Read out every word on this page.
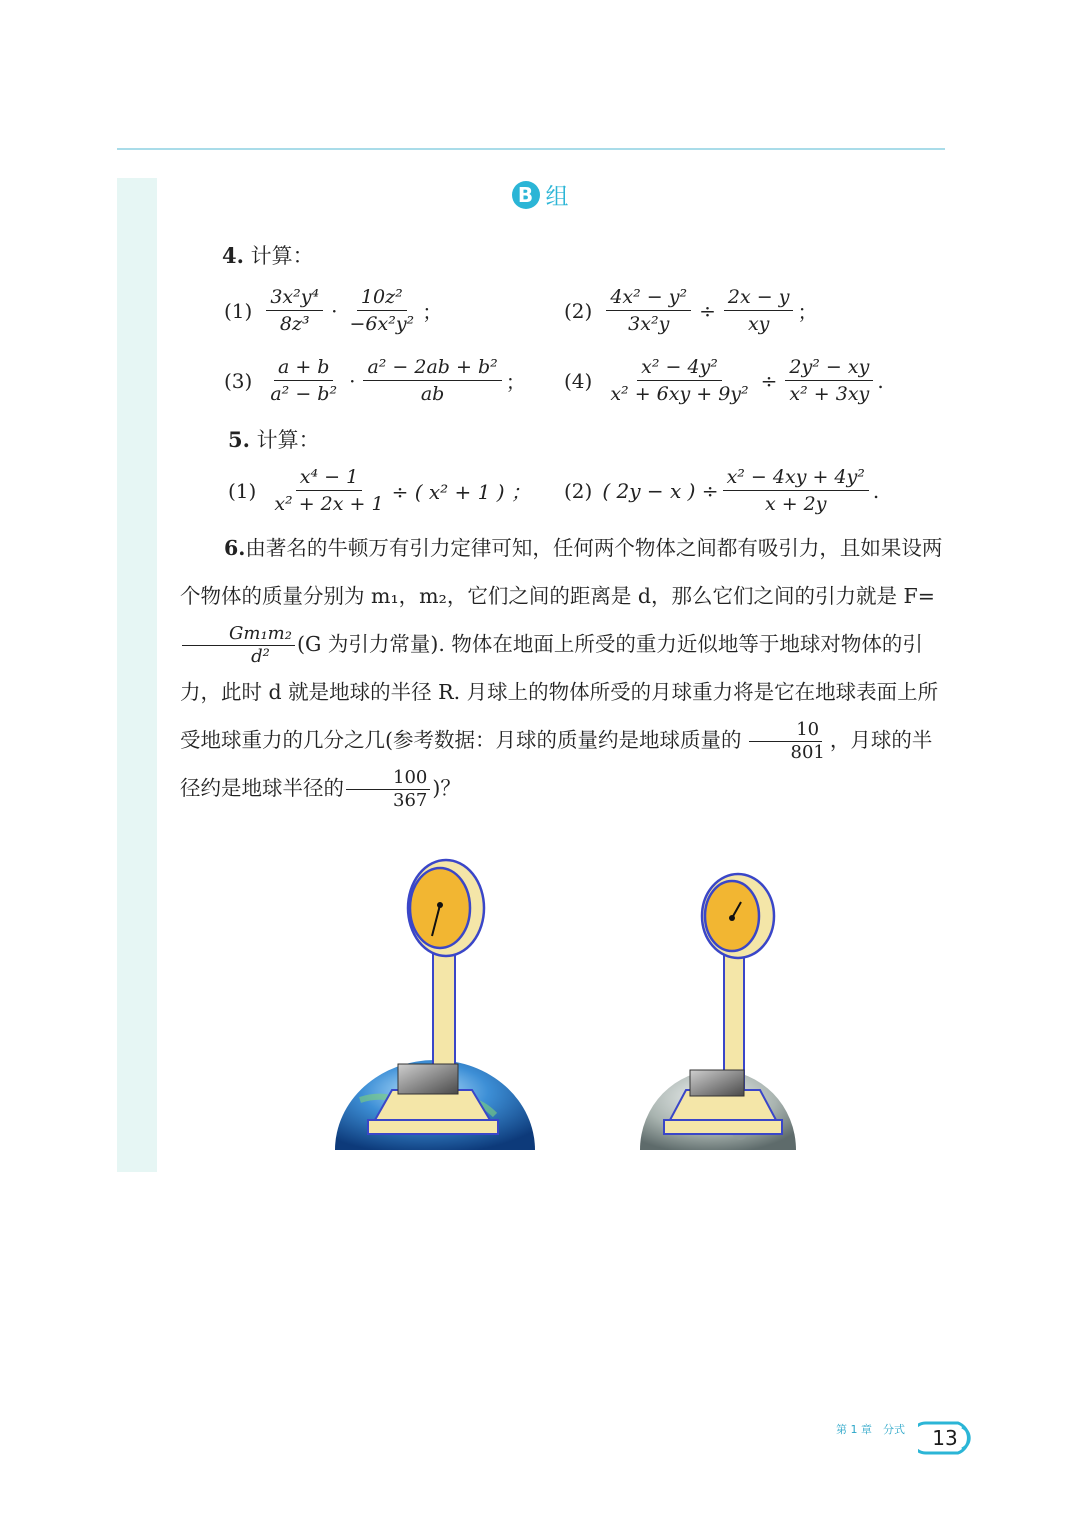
B 组
4. 计算：
$(1) \frac{\text{3x²y⁴}}{\text{8z³}} \cdot \frac{\text{10z²}}{\text{−6x²y²}}$ ；	$(2) \frac{\text{4x² − y²}}{\text{3x²y}} \div \frac{2x - y}{xy}$ ；
$(3) \frac{a + b}{\text{a² − b²}} \cdot \frac{\text{a² − 2ab + b²}}{ab}$ ； $(4) \frac{\text{x² − 4y²}}{\text{x² + 6xy + 9y²}} \div \frac{\text{2y² − xy}}{\text{x² + 3xy}}$ .
5. 计算：
$(1) \frac{\text{x⁴ − 1}}{\text{x² + 2x + 1}}$ ÷ ( x² + 1 ) ； (2) ( 2y − x ) ÷ $\frac{\text{x² − 4xy + 4y²}}{x + 2y}$ .

6.由著名的牛顿万有引力定律可知，任何两个物体之间都有吸引力，且如果设两个物体的质量分别为 m₁，m₂，它们之间的距离是 d，那么它们之间的引力就是 F=
$\frac{\text{Gm₁m₂}}{\text{d²}} (G$ 为引力常量). 物体在地面上所受的重力近似地等于地球对物体的引力，此时 d 就是地球的半径 R. 月球上的物体所受的月球重力将是它在地球表面上所受地球重力的几分之几(参考数据：月球的质量约是地球质量的 $\frac{10}{801}$ ，月球的半径约是地球半径的 $\frac{100}{367}$ )？

第 1 章　分式	13
